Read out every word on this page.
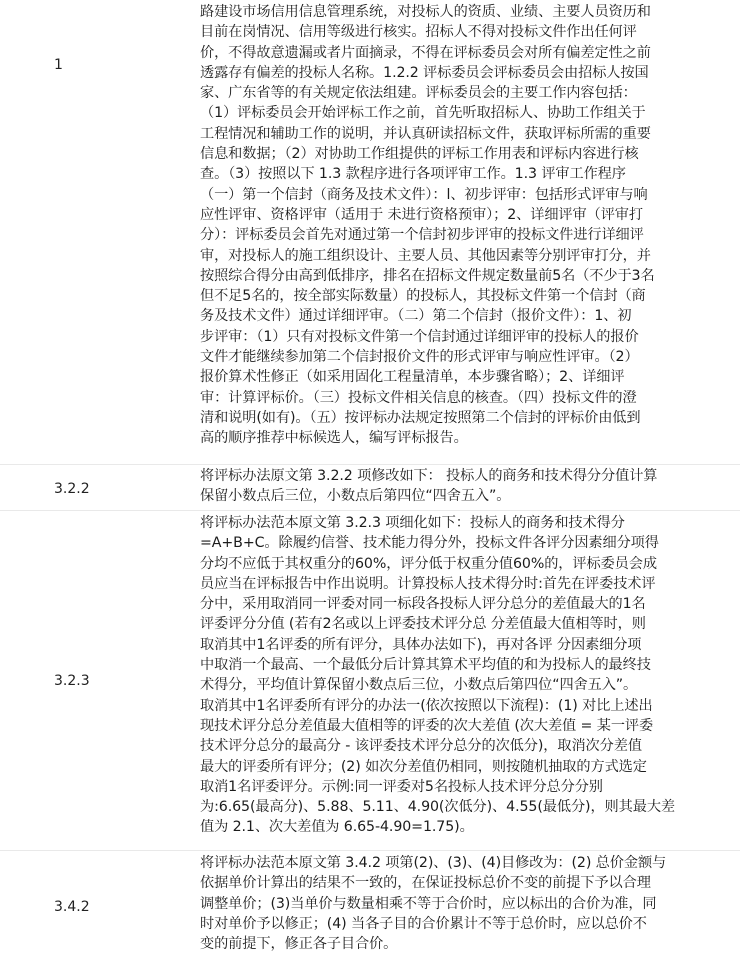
1

路建设市场信用信息管理系统，对投标人的资质、业绩、主要人员资历和

目前在岗情况、信用等级进行核实。招标人不得对投标文件作出任何评

价，不得故意遗漏或者片面摘录，不得在评标委员会对所有偏差定性之前

透露存有偏差的投标人名称。1.2.2 评标委员会评标委员会由招标人按国

家、广东省等的有关规定依法组建。评标委员会的主要工作内容包括：

（1）评标委员会开始评标工作之前，首先听取招标人、协助工作组关于

工程情况和辅助工作的说明，并认真研读招标文件，获取评标所需的重要

信息和数据；（2）对协助工作组提供的评标工作用表和评标内容进行核

查。（3）按照以下 1.3 款程序进行各项评审工作。1.3 评审工作程序

（一）第一个信封（商务及技术文件）：l、初步评审：包括形式评审与响

应性评审、资格评审（适用于 未进行资格预审）；2、详细评审（评审打

分）：评标委员会首先对通过第一个信封初步评审的投标文件进行详细评

审，对投标人的施工组织设计、主要人员、其他因素等分别评审打分，并

按照综合得分由高到低排序，排名在招标文件规定数量前5名（不少于3名

但不足5名的，按全部实际数量）的投标人，其投标文件第一个信封（商

务及技术文件）通过详细评审。（二）第二个信封（报价文件）：1、初

步评审：（1）只有对投标文件第一个信封通过详细评审的投标人的报价

文件才能继续参加第二个信封报价文件的形式评审与响应性评审。（2）

报价算术性修正（如采用固化工程量清单，本步骤省略）；2、详细评

审：计算评标价。（三）投标文件相关信息的核查。（四）投标文件的澄

清和说明(如有)。（五）按评标办法规定按照第二个信封的评标价由低到

高的顺序推荐中标候选人，编写评标报告。

3.2.2

将评标办法原文第 3.2.2 项修改如下： 投标人的商务和技术得分分值计算

保留小数点后三位，小数点后第四位“四舍五入”。

3.2.3

将评标办法范本原文第 3.2.3 项细化如下：投标人的商务和技术得分

=A+B+C。除履约信誉、技术能力得分外，投标文件各评分因素细分项得

分均不应低于其权重分的60%，评分低于权重分值60%的，评标委员会成

员应当在评标报告中作出说明。计算投标人技术得分时:首先在评委技术评

分中，采用取消同一评委对同一标段各投标人评分总分的差值最大的1名

评委评分分值 (若有2名或以上评委技术评分总 分差值最大值相等时，则

取消其中1名评委的所有评分，具体办法如下)，再对各评 分因素细分项

中取消一个最高、一个最低分后计算其算术平均值的和为投标人的最终技

术得分，平均值计算保留小数点后三位，小数点后第四位“四舍五入”。

取消其中1名评委所有评分的办法一(依次按照以下流程)：(1) 对比上述出

现技术评分总分差值最大值相等的评委的次大差值 (次大差值 = 某一评委

技术评分总分的最高分 - 该评委技术评分总分的次低分)，取消次分差值

最大的评委所有评分；(2) 如次分差值仍相同，则按随机抽取的方式选定

取消1名评委评分。示例:同一评委对5名投标人技术评分总分分别

为:6.65(最高分)、5.88、5.11、4.90(次低分)、4.55(最低分)，则其最大差

值为 2.1、次大差值为 6.65-4.90=1.75)。

3.4.2

将评标办法范本原文第 3.4.2 项第(2)、(3)、(4)目修改为：(2) 总价金额与

依据单价计算出的结果不一致的，在保证投标总价不变的前提下予以合理

调整单价；(3)当单价与数量相乘不等于合价时，应以标出的合价为准，同

时对单价予以修正；(4) 当各子目的合价累计不等于总价时，应以总价不

变的前提下，修正各子目合价。
